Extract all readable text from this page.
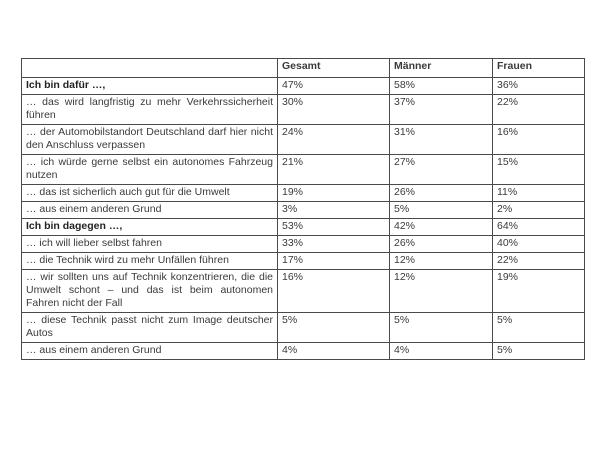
	Gesamt	Männer	Frauen
Ich bin dafür …,	47%	58%	36%
… das wird langfristig zu mehr Verkehrssicherheit führen	30%	37%	22%
… der Automobilstandort Deutschland darf hier nicht den Anschluss verpassen	24%	31%	16%
… ich würde gerne selbst ein autonomes Fahrzeug nutzen	21%	27%	15%
… das ist sicherlich auch gut für die Umwelt	19%	26%	11%
… aus einem anderen Grund	3%	5%	2%
Ich bin dagegen …,	53%	42%	64%
… ich will lieber selbst fahren	33%	26%	40%
… die Technik wird zu mehr Unfällen führen	17%	12%	22%
… wir sollten uns auf Technik konzentrieren, die die Umwelt schont – und das ist beim autonomen Fahren nicht der Fall	16%	12%	19%
… diese Technik passt nicht zum Image deutscher Autos	5%	5%	5%
… aus einem anderen Grund	4%	4%	5%
